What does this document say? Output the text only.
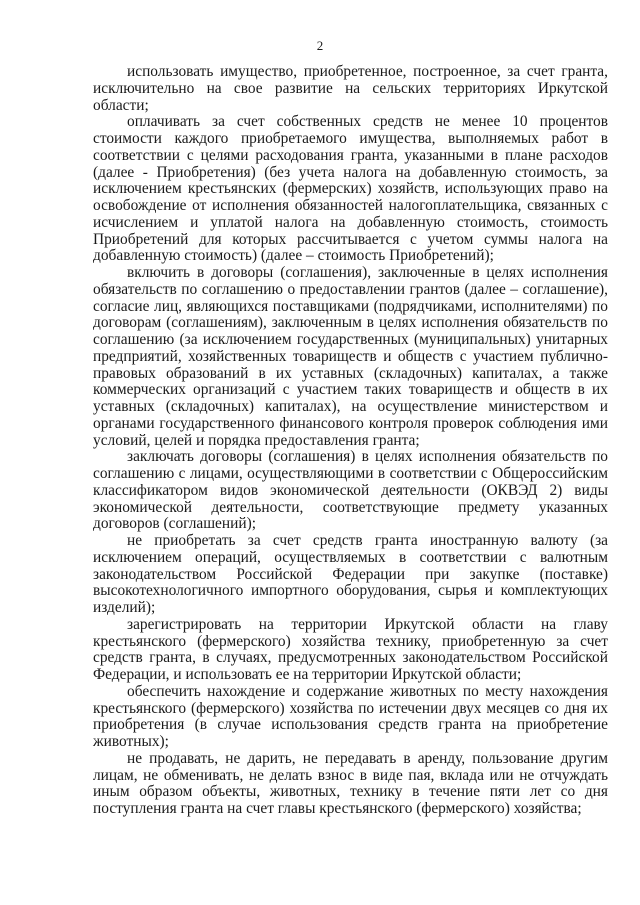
2

использовать имущество, приобретенное, построенное, за счет гранта, исключительно на свое развитие на сельских территориях Иркутской области;

оплачивать за счет собственных средств не менее 10 процентов стоимости каждого приобретаемого имущества, выполняемых работ в соответствии с целями расходования гранта, указанными в плане расходов (далее - Приобретения) (без учета налога на добавленную стоимость, за исключением крестьянских (фермерских) хозяйств, использующих право на освобождение от исполнения обязанностей налогоплательщика, связанных с исчислением и уплатой налога на добавленную стоимость, стоимость Приобретений для которых рассчитывается с учетом суммы налога на добавленную стоимость) (далее – стоимость Приобретений);

включить в договоры (соглашения), заключенные в целях исполнения обязательств по соглашению о предоставлении грантов (далее – соглашение), согласие лиц, являющихся поставщиками (подрядчиками, исполнителями) по договорам (соглашениям), заключенным в целях исполнения обязательств по соглашению (за исключением государственных (муниципальных) унитарных предприятий, хозяйственных товариществ и обществ с участием публично-правовых образований в их уставных (складочных) капиталах, а также коммерческих организаций с участием таких товариществ и обществ в их уставных (складочных) капиталах), на осуществление министерством и органами государственного финансового контроля проверок соблюдения ими условий, целей и порядка предоставления гранта;

заключать договоры (соглашения) в целях исполнения обязательств по соглашению с лицами, осуществляющими в соответствии с Общероссийским классификатором видов экономической деятельности (ОКВЭД 2) виды экономической деятельности, соответствующие предмету указанных договоров (соглашений);

не приобретать за счет средств гранта иностранную валюту (за исключением операций, осуществляемых в соответствии с валютным законодательством Российской Федерации при закупке (поставке) высокотехнологичного импортного оборудования, сырья и комплектующих изделий);

зарегистрировать на территории Иркутской области на главу крестьянского (фермерского) хозяйства технику, приобретенную за счет средств гранта, в случаях, предусмотренных законодательством Российской Федерации, и использовать ее на территории Иркутской области;

обеспечить нахождение и содержание животных по месту нахождения крестьянского (фермерского) хозяйства по истечении двух месяцев со дня их приобретения (в случае использования средств гранта на приобретение животных);

не продавать, не дарить, не передавать в аренду, пользование другим лицам, не обменивать, не делать взнос в виде пая, вклада или не отчуждать иным образом объекты, животных, технику в течение пяти лет со дня поступления гранта на счет главы крестьянского (фермерского) хозяйства;
